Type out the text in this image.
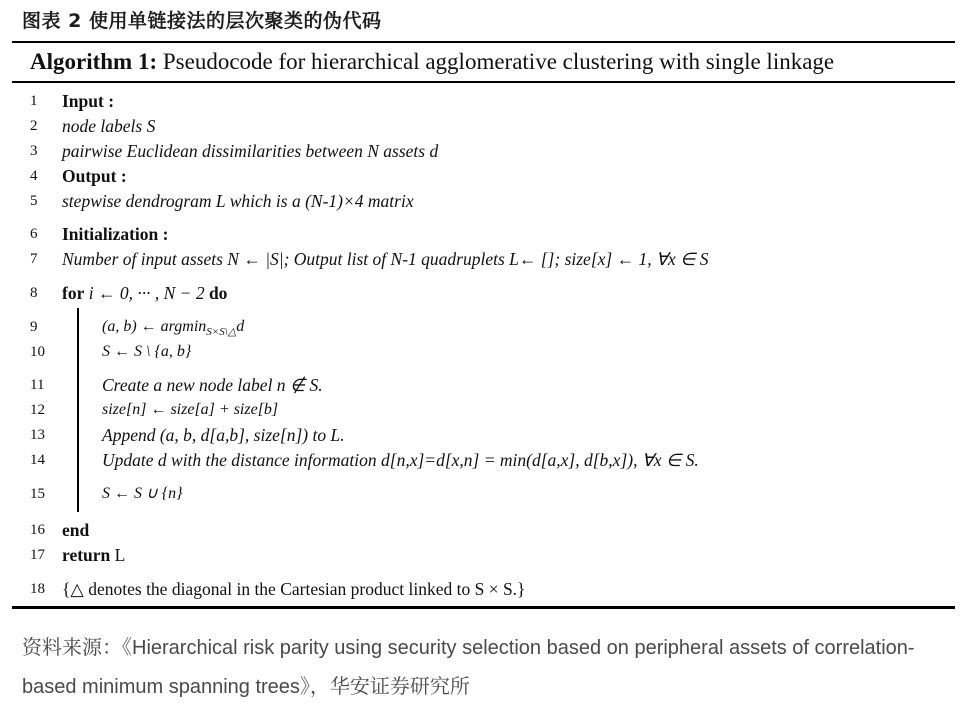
图表 2 使用单链接法的层次聚类的伪代码
Algorithm 1: Pseudocode for hierarchical agglomerative clustering with single linkage
1	Input :
2	node labels S
3	pairwise Euclidean dissimilarities between N assets d
4	Output :
5	stepwise dendrogram L which is a (N-1)×4 matrix
6	Initialization :
7	Number of input assets N ← |S|; Output list of N-1 quadruplets L← []; size[x] ← 1, ∀x ∈ S
8	for i ← 0, ··· , N − 2 do
9	(a, b) ← argmin$_{S\times S\backslash\triangle}$d
10	S ← S \ {a, b}
11	Create a new node label n ∉ S.
12	size[n] ← size[a] + size[b]
13	Append (a, b, d[a,b], size[n]) to L.
14	Update d with the distance information d[n,x]=d[x,n] = min(d[a,x], d[b,x]), ∀x ∈ S.
15	S ← S ∪ {n}
16 end
17 return L
18 {△ denotes the diagonal in the Cartesian product linked to S × S.}
资料来源：《Hierarchical risk parity using security selection based on peripheral assets of correlation-based minimum spanning trees》，华安证券研究所
